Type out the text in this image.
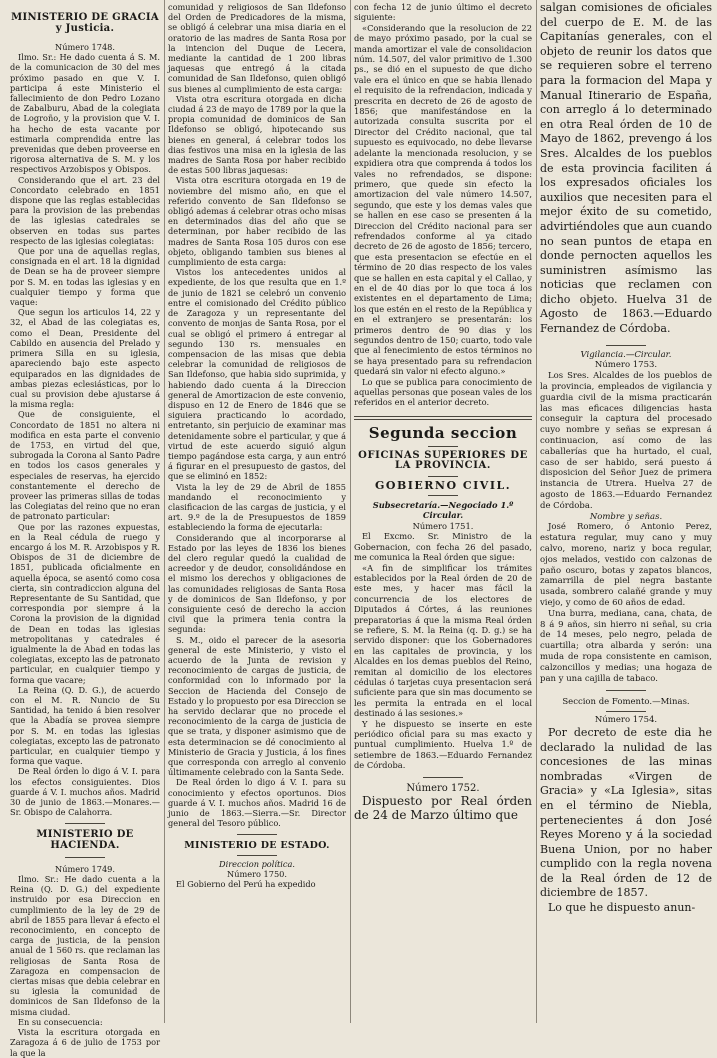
MINISTERIO DE GRACIA y Justicia.
Número 1748.

Ilmo. Sr.: He dado cuenta á S. M. de la comunicacion de 30 del mes próximo pasado en que V. I. participa á este Ministerio el fallecimiento de don Pedro Lozano de Zabalburu, Abad de la colegiata de Logroño, y la provision que V. I. ha hecho de esta vacante por estimarla comprendida entre las prevenidas que deben proveerse en rigorosa alternativa de S. M. y los respectivos Arzobispos y Obispos.

Considerando que el art. 23 del Concordato celebrado en 1851 dispone que las reglas establecidas para la provision de las prebendas de las iglesias catedrales se observen en todas sus partes respecto de las iglesias colegiatas:

Que por una de aquellas reglas, consignada en el art. 18 la dignidad de Dean se ha de proveer siempre por S. M. en todas las iglesias y en cualquier tiempo y forma que vaque:

Que segun los articulos 14, 22 y 32, el Abad de las colegiatas es, como el Dean, Presidente del Cabildo en ausencia del Prelado y primera Silla en su iglesia, apareciendo bajo este aspecto equiparados en las dignidades de ambas piezas eclesiásticas, por lo cual su provision debe ajustarse á la misma regla:

Que de consiguiente, el Concordato de 1851 no altera ni modifica en esta parte el convenio de 1753, en virtud del que, subrogada la Corona al Santo Padre en todos los casos generales y especiales de reservas, ha ejercido constantemente el derecho de proveer las primeras sillas de todas las Colegiatas del reino que no eran de patronato particular:

Que por las razones expuestas, en la Real cédula de ruego y encargo á los M. R. Arzobispos y R. Obispos de 31 de diciembre de 1851, publicada oficialmente en aquella época, se asentó como cosa cierta, sin contradiccion alguna del Representante de Su Santidad, que correspondia por siempre á la Corona la provision de la dignidad de Dean en todas las iglesias metropolitanas y catedrales é igualmente la de Abad en todas las colegiatas, excepto las de patronato particular, en cualquier tiempo y forma que vacare;

La Reina (Q. D. G.), de acuerdo con el M. R. Nuncio de Su Santidad, ha tenido á bien resolver que la Abadía se provea siempre por S. M. en todas las iglesias colegiatas, excepto las de patronato particular, en cualquier tiempo y forma que vaque.

De Real órden lo digo á V. I. para los efectos consiguientes. Dios guarde á V. I. muchos años. Madrid 30 de junio de 1863.—Monares.—Sr. Obispo de Calahorra.

MINISTERIO DE HACIENDA.
Número 1749.

Ilmo. Sr.: He dado cuenta a la Reina (Q. D. G.) del expediente instruido por esa Direccion en cumplimiento de la ley de 29 de abril de 1855 para llevar á efecto el reconocimiento, en concepto de carga de justicia, de la pension anual de 1 560 rs. que reclaman las religiosas de Santa Rosa de Zaragoza en compensacion de ciertas misas que debia celebrar en su iglesia la comunidad de dominicos de San Ildefonso de la misma ciudad.

En su consecuencia:

Vista la escritura otorgada en Zaragoza á 6 de julio de 1753 por la que la

comunidad y religiosos de San Ildefonso del Orden de Predicadores de la misma, se obligó á celebrar una misa diaria en el oratorio de las madres de Santa Rosa por la intencion del Duque de Lecera, mediante la cantidad de 1 200 libras jaquesas que entregó á la citada comunidad de San Ildefonso, quien obligó sus bienes al cumplimiento de esta carga:

Vista otra escritura otorgada en dicha ciudad á 23 de mayo de 1789 por la que la propia comunidad de dominicos de San Ildefonso se obligó, hipotecando sus bienes en general, á celebrar todos los dias festivos una misa en la iglesia de las madres de Santa Rosa por haber recibido de estas 500 libras jaquesas:

Vista otra escritura otorgada en 19 de noviembre del mismo año, en que el referido convento de San Ildefonso se obligó ademas á celebrar otras ocho misas en determinados dias del año que se determinan, por haber recibido de las madres de Santa Rosa 105 duros con ese objeto, obligando tambien sus bienes al cumplimiento de esta carga:

Vistos los antecedentes unidos al expediente, de los que resulta que en 1.º de junio de 1821 se celebró un convenio entre el comisionado del Crédito público de Zaragoza y un representante del convento de monjas de Santa Rosa, por el cual se obligó el primero á entregar al segundo 130 rs. mensuales en compensacion de las misas que debia celebrar la comunidad de religiosos de San Ildefonso, que habia sido suprimida, y habiendo dado cuenta á la Direccion general de Amortizacion de este convenio, dispuso en 12 de Enero de 1846 que se siguiera practicando lo acordado, entretanto, sin perjuicio de examinar mas detenidamente sobre el particular, y que á virtud de este acuerdo siguió algun tiempo pagándose esta carga, y aun entró á figurar en el presupuesto de gastos, del que se eliminó en 1852:

Vista la ley de 29 de Abril de 1855 mandando el reconocimiento y clasificacion de las cargas de justicia, y el art. 9.º de la de Presupuestos de 1859 estableciendo la forma de ejecutarla:

Considerando que al incorporarse al Estado por las leyes de 1836 los bienes del clero regular quedó la cualidad de acreedor y de deudor, consolidándose en el mismo los derechos y obligaciones de las comunidades religiosas de Santa Rosa y de dominicos de San Ildefonso, y por consiguiente cesó de derecho la accion civil que la primera tenia contra la segunda:

S. M., oido el parecer de la asesoria general de este Ministerio, y visto el acuerdo de la Junta de revision y reconocimiento de cargas de justicia, de conformidad con lo informado por la Seccion de Hacienda del Consejo de Estado y lo propuesto por esa Direccion se ha servido declarar que no procede el reconocimiento de la carga de justicia de que se trata, y disponer asimismo que de esta determinacion se dé conocimiento al Ministerio de Gracia y Justicia, á los fines que corresponda con arreglo al convenio últimamente celebrado con la Santa Sede.

De Real órden lo digo á V. I. para su conocimiento y efectos oportunos. Dios guarde á V. I. muchos años. Madrid 16 de junio de 1863.—Sierra.—Sr. Director general del Tesoro público.

MINISTERIO DE ESTADO.
Direccion política.
Número 1750.

El Gobierno del Perú ha expedido

con fecha 12 de junio último el decreto siguiente:

«Considerando que la resolucion de 22 de mayo próximo pasado, por la cual se manda amortizar el vale de consolidacion núm. 14.507, del valor primitivo de 1.300 ps., se dió en el supuesto de que dicho vale era el único en que se habia llenado el requisito de la refrendacion, indicada y prescrita en decreto de 26 de agosto de 1856; que manifestándose en la autorizada consulta suscrita por el Director del Crédito nacional, que tal supuesto es equivocado, no debe llevarse adelante la mencionada resolucion, y se expidiera otra que comprenda á todos los vales no refrendados, se dispone: primero, que quede sin efecto la amortizacion del vale número 14.507, segundo, que este y los demas vales que se hallen en ese caso se presenten á la Direccion del Crédito nacional para ser refrendados conforme al ya citado decreto de 26 de agosto de 1856; tercero, que esta presentacion se efectúe en el término de 20 dias respecto de los vales que se hallen en esta capital y el Callao, y en el de 40 dias por lo que toca á los existentes en el departamento de Lima; los que estén en el resto de la República y en el extranjero se presentarán: los primeros dentro de 90 dias y los segundos dentro de 150; cuarto, todo vale que al fenecimiento de estos términos no se haya presentado para su refrendacion quedará sin valor ni efecto alguno.»

Lo que se publica para conocimiento de aquellas personas que posean vales de los referidos en el anterior decreto.

Segunda seccion
OFICINAS SUPERIORES DE LA PROVINCIA.
GOBIERNO CIVIL.
Subsecretaría.—Negociado 1.º Circular.
Número 1751.

El Excmo. Sr. Ministro de la Gobernacion, con fecha 26 del pasado, me comunica la Real órden que sigue:

«A fin de simplificar los trámites establecidos por la Real órden de 20 de este mes, y hacer mas fácil la concurrencia de los electores de Diputados á Córtes, á las reuniones preparatorias á que la misma Real órden se refiere, S. M. la Reina (q. D. g.) se ha servido disponer: que los Gobernadores en las capitales de provincia, y los Alcaldes en los demas pueblos del Reino, remitan al domicilio de los electores cédulas ó tarjetas cuya presentacion será suficiente para que sin mas documento se les permita la entrada en el local destinado á las sesiones.»

Y he dispuesto se inserte en este periódico oficial para su mas exacto y puntual cumplimiento. Huelva 1.º de setiembre de 1863.—Eduardo Fernandez de Córdoba.

Número 1752.

Dispuesto por Real órden de 24 de Marzo último que

salgan comisiones de oficiales del cuerpo de E. M. de las Capitanías generales, con el objeto de reunir los datos que se requieren sobre el terreno para la formacion del Mapa y Manual Itinerario de España, con arreglo á lo determinado en otra Real órden de 10 de Mayo de 1862, prevengo á los Sres. Alcaldes de los pueblos de esta provincia faciliten á los expresados oficiales los auxilios que necesiten para el mejor éxito de su cometido, advirtiéndoles que aun cuando no sean puntos de etapa en donde pernocten aquellos les suministren asímismo las noticias que reclamen con dicho objeto. Huelva 31 de Agosto de 1863.—Eduardo Fernandez de Córdoba.

Vigilancia.—Circular.
Número 1753.

Los Sres. Alcaldes de los pueblos de la provincia, empleados de vigilancia y guardia civil de la misma practicarán las mas eficaces diligencias hasta conseguir la captura del procesado cuyo nombre y señas se expresan á continuacion, así como de las caballerías que ha hurtado, el cual, caso de ser habido, será puesto á disposicion del Señor Juez de primera instancia de Utrera. Huelva 27 de agosto de 1863.—Eduardo Fernandez de Córdoba.

Nombre y señas.

José Romero, ó Antonio Perez, estatura regular, muy cano y muy calvo, moreno, nariz y boca regular, ojos melados, vestido con calzonas de paño oscuro, botas y zapatos blancos, zamarrilla de piel negra bastante usada, sombrero calañé grande y muy viejo, y como de 60 años de edad.

Una burra, mediana, cana, chata, de 8 á 9 años, sin hierro ni señal, su cria de 14 meses, pelo negro, pelada de cuartilla; otra albarda y serón: una muda de ropa consistente en camison, calzoncillos y medias; una hogaza de pan y una cajilla de tabaco.

Seccion de Fomento.—Minas.
Número 1754.

Por decreto de este dia he declarado la nulidad de las concesiones de las minas nombradas «Virgen de Gracia» y «La Iglesia», sitas en el término de Niebla, pertenecientes á don José Reyes Moreno y á la sociedad Buena Union, por no haber cumplido con la regla novena de la Real órden de 12 de diciembre de 1857.

Lo que he dispuesto anun-
